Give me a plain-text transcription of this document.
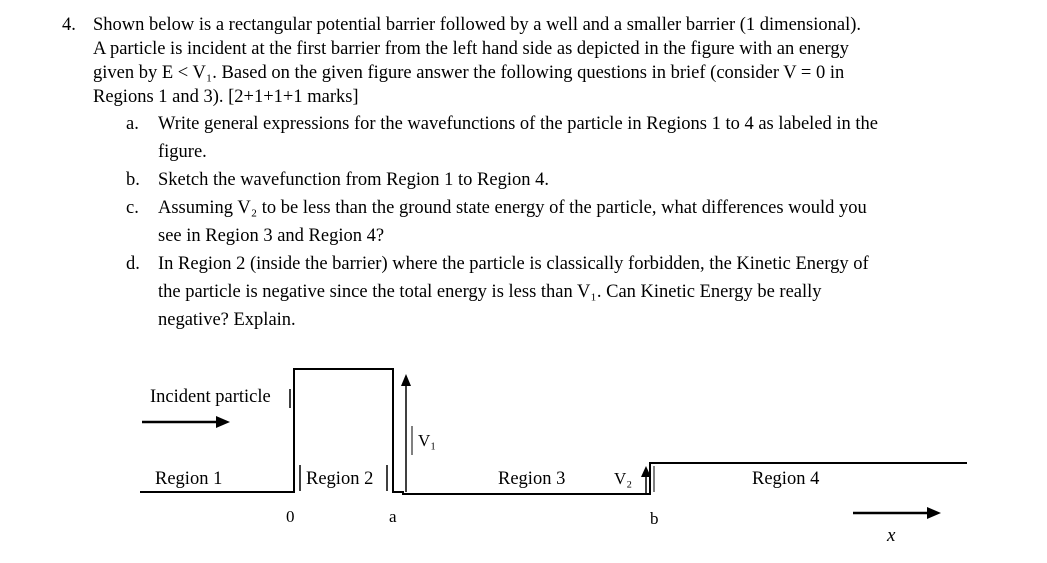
4. Shown below is a rectangular potential barrier followed by a well and a smaller barrier (1 dimensional).
A particle is incident at the first barrier from the left hand side as depicted in the figure with an energy
given by E < V₁. Based on the given figure answer the following questions in brief (consider V = 0 in
Regions 1 and 3). [2+1+1+1 marks]
a. Write general expressions for the wavefunctions of the particle in Regions 1 to 4 as labeled in the
figure.
b. Sketch the wavefunction from Region 1 to Region 4.
c. Assuming V₂ to be less than the ground state energy of the particle, what differences would you
see in Region 3 and Region 4?
d. In Region 2 (inside the barrier) where the particle is classically forbidden, the Kinetic Energy of
the particle is negative since the total energy is less than V₁. Can Kinetic Energy be really
negative? Explain.
Incident particle
V₁
V₂
Region 1	Region 2	Region 3	Region 4
0	a	b
x
